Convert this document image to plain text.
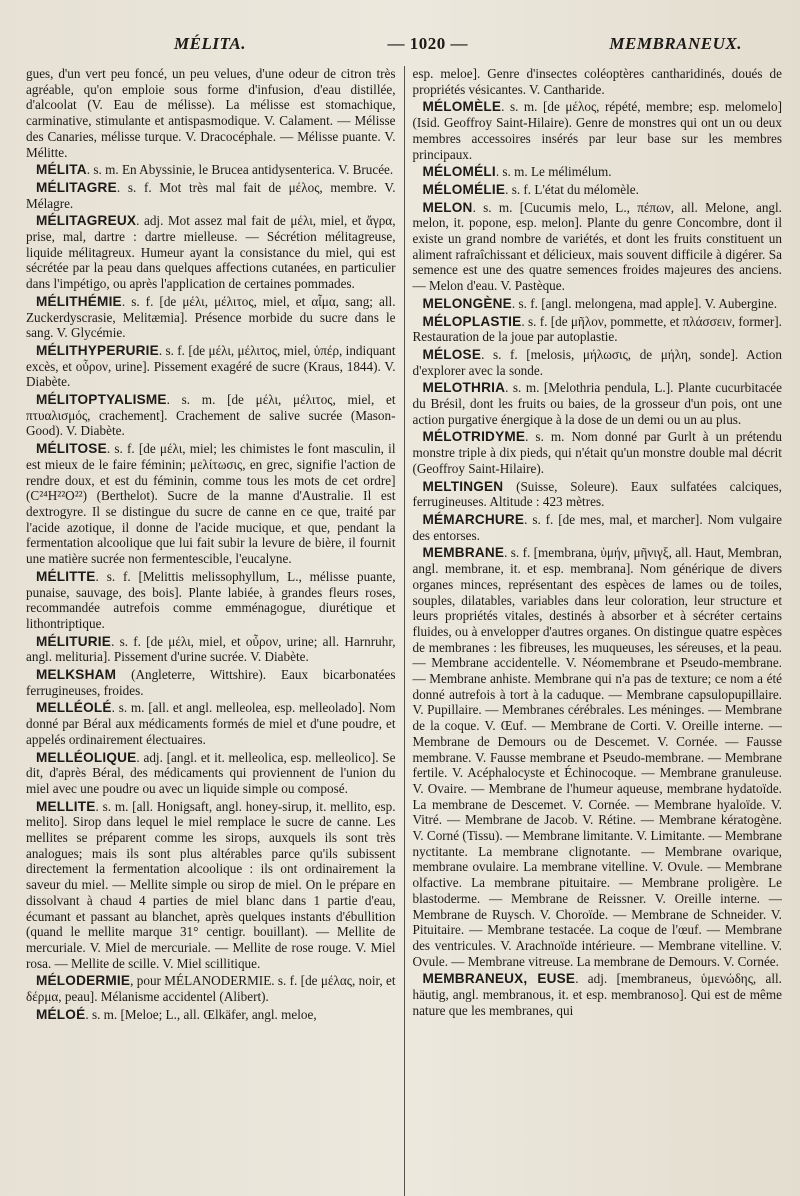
MÉLITA.	— 1020 —	MEMBRANEUX.

gues, d'un vert peu foncé, un peu velues, d'une odeur de citron très agréable, qu'on emploie sous forme d'infusion, d'eau distillée, d'alcoolat (V. Eau de mélisse). La mélisse est stomachique, carminative, stimulante et antispasmodique. V. Calament. — Mélisse des Canaries, mélisse turque. V. Dracocéphale. — Mélisse puante. V. Mélitte.

MÉLITA. s. m. En Abyssinie, le Brucea antidysenterica. V. Brucée.

MÉLITAGRE. s. f. Mot très mal fait de μέλος, membre. V. Mélagre.

MÉLITAGREUX. adj. Mot assez mal fait de μέλι, miel, et ἄγρα, prise, mal, dartre : dartre mielleuse. — Sécrétion mélitagreuse, liquide mélitagreux. Humeur ayant la consistance du miel, qui est sécrétée par la peau dans quelques affections cutanées, en particulier dans l'impétigo, ou après l'application de certaines pommades.

MÉLITHÉMIE. s. f. [de μέλι, μέλιτος, miel, et αἷμα, sang; all. Zuckerdyscrasie, Melitæmia]. Présence morbide du sucre dans le sang. V. Glycémie.

MÉLITHYPERURIE. s. f. [de μέλι, μέλιτος, miel, ὑπέρ, indiquant excès, et οὖρον, urine]. Pissement exagéré de sucre (Kraus, 1844). V. Diabète.

MÉLITOPTYALISME. s. m. [de μέλι, μέλιτος, miel, et πτυαλισμός, crachement]. Crachement de salive sucrée (Mason-Good). V. Diabète.

MÉLITOSE. s. f. [de μέλι, miel; les chimistes le font masculin, il est mieux de le faire féminin; μελίτωσις, en grec, signifie l'action de rendre doux, et est du féminin, comme tous les mots de cet ordre] (C²⁴H²²O²²) (Berthelot). Sucre de la manne d'Australie. Il est dextrogyre. Il se distingue du sucre de canne en ce que, traité par l'acide azotique, il donne de l'acide mucique, et que, pendant la fermentation alcoolique que lui fait subir la levure de bière, il fournit une matière sucrée non fermentescible, l'eucalyne.

MÉLITTE. s. f. [Melittis melissophyllum, L., mélisse puante, punaise, sauvage, des bois]. Plante labiée, à grandes fleurs roses, recommandée autrefois comme emménagogue, diurétique et lithontriptique.

MÉLITURIE. s. f. [de μέλι, miel, et οὖρον, urine; all. Harnruhr, angl. melituria]. Pissement d'urine sucrée. V. Diabète.

MELKSHAM (Angleterre, Wittshire). Eaux bicarbonatées ferrugineuses, froides.

MELLÉOLÉ. s. m. [all. et angl. melleolea, esp. melleolado]. Nom donné par Béral aux médicaments formés de miel et d'une poudre, et appelés ordinairement électuaires.

MELLÉOLIQUE. adj. [angl. et it. melleolica, esp. melleolico]. Se dit, d'après Béral, des médicaments qui proviennent de l'union du miel avec une poudre ou avec un liquide simple ou composé.

MELLITE. s. m. [all. Honigsaft, angl. honey-sirup, it. mellito, esp. melito]. Sirop dans lequel le miel remplace le sucre de canne. Les mellites se préparent comme les sirops, auxquels ils sont très analogues; mais ils sont plus altérables parce qu'ils subissent directement la fermentation alcoolique : ils ont ordinairement la saveur du miel. — Mellite simple ou sirop de miel. On le prépare en dissolvant à chaud 4 parties de miel blanc dans 1 partie d'eau, écumant et passant au blanchet, après quelques instants d'ébullition (quand le mellite marque 31° centigr. bouillant). — Mellite de mercuriale. V. Miel de mercuriale. — Mellite de rose rouge. V. Miel rosa. — Mellite de scille. V. Miel scillitique.

MÉLODERMIE, pour MÉLANODERMIE. s. f. [de μέλας, noir, et δέρμα, peau]. Mélanisme accidentel (Alibert).

MÉLOÉ. s. m. [Meloe; L., all. Œlkäfer, angl. meloe,

esp. meloe]. Genre d'insectes coléoptères cantharidinés, doués de propriétés vésicantes. V. Cantharide.

MÉLOMÈLE. s. m. [de μέλος, répété, membre; esp. melomelo] (Isid. Geoffroy Saint-Hilaire). Genre de monstres qui ont un ou deux membres accessoires insérés par leur base sur les membres principaux.

MÉLOMÉLI. s. m. Le mélimélum.

MÉLOMÉLIE. s. f. L'état du mélomèle.

MELON. s. m. [Cucumis melo, L., πέπων, all. Melone, angl. melon, it. popone, esp. melon]. Plante du genre Concombre, dont il existe un grand nombre de variétés, et dont les fruits constituent un aliment rafraîchissant et délicieux, mais souvent difficile à digérer. Sa semence est une des quatre semences froides majeures des anciens. — Melon d'eau. V. Pastèque.

MELONGÈNE. s. f. [angl. melongena, mad apple]. V. Aubergine.

MÉLOPLASTIE. s. f. [de μῆλον, pommette, et πλάσσειν, former]. Restauration de la joue par autoplastie.

MÉLOSE. s. f. [melosis, μήλωσις, de μήλη, sonde]. Action d'explorer avec la sonde.

MELOTHRIA. s. m. [Melothria pendula, L.]. Plante cucurbitacée du Brésil, dont les fruits ou baies, de la grosseur d'un pois, ont une action purgative énergique à la dose de un demi ou un au plus.

MÉLOTRIDYME. s. m. Nom donné par Gurlt à un prétendu monstre triple à dix pieds, qui n'était qu'un monstre double mal décrit (Geoffroy Saint-Hilaire).

MELTINGEN (Suisse, Soleure). Eaux sulfatées calciques, ferrugineuses. Altitude : 423 mètres.

MÉMARCHURE. s. f. [de mes, mal, et marcher]. Nom vulgaire des entorses.

MEMBRANE. s. f. [membrana, ὑμήν, μῆνιγξ, all. Haut, Membran, angl. membrane, it. et esp. membrana]. Nom générique de divers organes minces, représentant des espèces de lames ou de toiles, souples, dilatables, variables dans leur coloration, leur structure et leurs propriétés vitales, destinés à absorber et à sécréter certains fluides, ou à envelopper d'autres organes. On distingue quatre espèces de membranes : les fibreuses, les muqueuses, les séreuses, et la peau. — Membrane accidentelle. V. Néomembrane et Pseudo-membrane. — Membrane anhiste. Membrane qui n'a pas de texture; ce nom a été donné autrefois à tort à la caduque. — Membrane capsulopupillaire. V. Pupillaire. — Membranes cérébrales. Les méninges. — Membrane de la coque. V. Œuf. — Membrane de Corti. V. Oreille interne. — Membrane de Demours ou de Descemet. V. Cornée. — Fausse membrane. V. Fausse membrane et Pseudo-membrane. — Membrane fertile. V. Acéphalocyste et Échinocoque. — Membrane granuleuse. V. Ovaire. — Membrane de l'humeur aqueuse, membrane hydatoïde. La membrane de Descemet. V. Cornée. — Membrane hyaloïde. V. Vitré. — Membrane de Jacob. V. Rétine. — Membrane kératogène. V. Corné (Tissu). — Membrane limitante. V. Limitante. — Membrane nyctitante. La membrane clignotante. — Membrane ovarique, membrane ovulaire. La membrane vitelline. V. Ovule. — Membrane olfactive. La membrane pituitaire. — Membrane proligère. Le blastoderme. — Membrane de Reissner. V. Oreille interne. — Membrane de Ruysch. V. Choroïde. — Membrane de Schneider. V. Pituitaire. — Membrane testacée. La coque de l'œuf. — Membrane des ventricules. V. Arachnoïde intérieure. — Membrane vitelline. V. Ovule. — Membrane vitreuse. La membrane de Demours. V. Cornée.

MEMBRANEUX, EUSE. adj. [membraneus, ὑμενώδης, all. häutig, angl. membranous, it. et esp. membranoso]. Qui est de même nature que les membranes, qui
